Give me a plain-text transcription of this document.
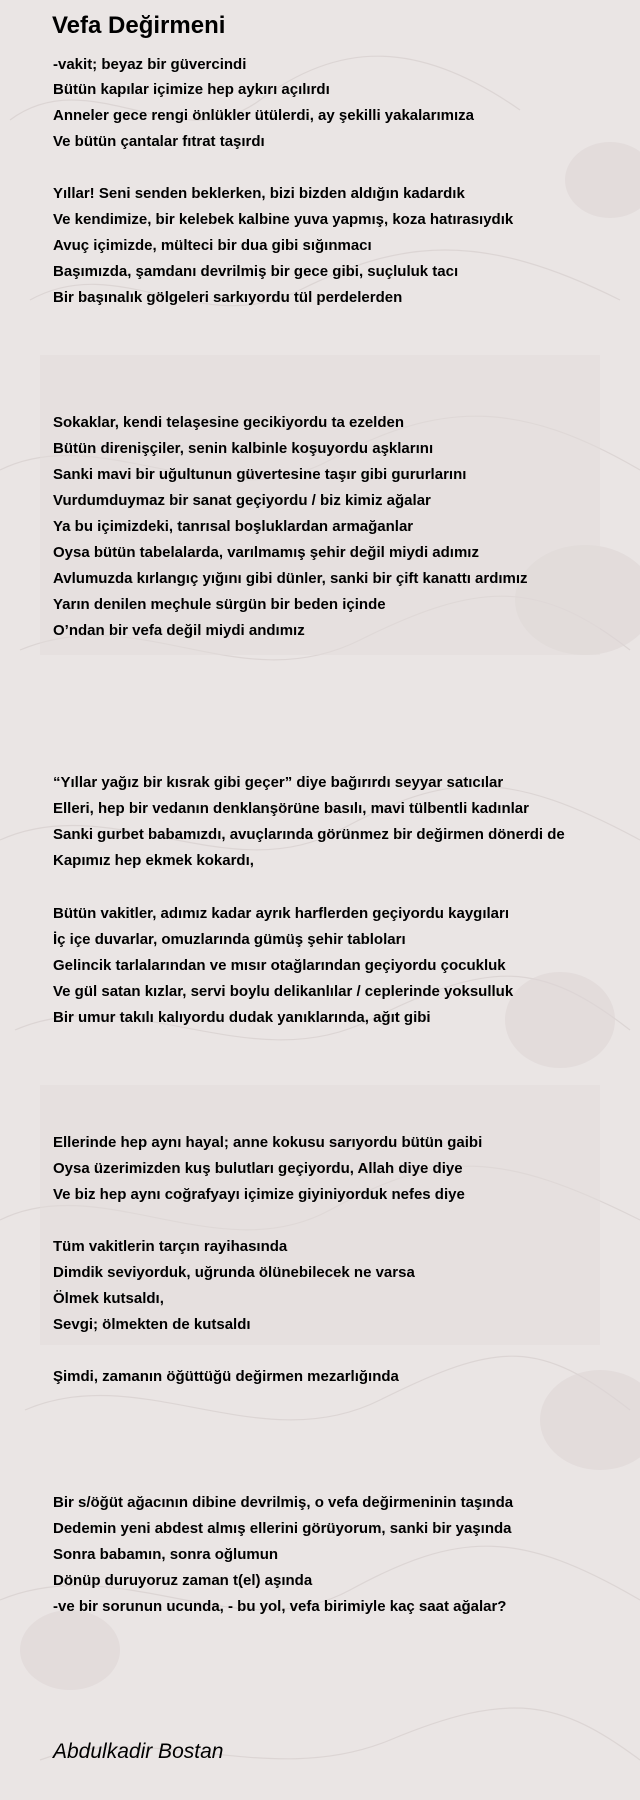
Vefa Değirmeni

-vakit; beyaz bir güvercindi

Bütün kapılar içimize hep aykırı açılırdı

Anneler gece rengi önlükler ütülerdi, ay şekilli yakalarımıza

Ve bütün çantalar fıtrat taşırdı

Yıllar! Seni senden beklerken, bizi bizden aldığın kadardık

Ve kendimize, bir kelebek kalbine yuva yapmış, koza hatırasıydık

Avuç içimizde, mülteci bir dua gibi sığınmacı

Başımızda, şamdanı devrilmiş bir gece gibi, suçluluk tacı

Bir başınalık gölgeleri sarkıyordu tül perdelerden

Sokaklar, kendi telaşesine gecikiyordu ta ezelden

Bütün direnişçiler, senin kalbinle koşuyordu aşklarını

Sanki mavi bir uğultunun güvertesine taşır gibi gururlarını

Vurdumduymaz bir sanat geçiyordu / biz kimiz ağalar

Ya bu içimizdeki, tanrısal boşluklardan armağanlar

Oysa bütün tabelalarda, varılmamış şehir değil miydi adımız

Avlumuzda kırlangıç yığını gibi dünler, sanki bir çift kanattı ardımız

Yarın denilen meçhule sürgün bir beden içinde

O’ndan bir vefa değil miydi andımız

“Yıllar yağız bir kısrak gibi geçer” diye bağırırdı seyyar satıcılar

Elleri, hep bir vedanın denklanşörüne basılı, mavi tülbentli kadınlar

Sanki gurbet babamızdı, avuçlarında görünmez bir değirmen dönerdi de

Kapımız hep ekmek kokardı,

Bütün vakitler, adımız kadar ayrık harflerden geçiyordu kaygıları

İç içe duvarlar, omuzlarında gümüş şehir tabloları

Gelincik tarlalarından ve mısır otağlarından geçiyordu çocukluk

Ve gül satan kızlar, servi boylu delikanlılar / ceplerinde yoksulluk

Bir umur takılı kalıyordu dudak yanıklarında, ağıt gibi

Ellerinde hep aynı hayal; anne kokusu sarıyordu bütün gaibi

Oysa üzerimizden kuş bulutları geçiyordu, Allah diye diye

Ve biz hep aynı coğrafyayı içimize giyiniyorduk nefes diye

Tüm vakitlerin tarçın rayihasında

Dimdik seviyorduk, uğrunda ölünebilecek ne varsa

Ölmek kutsaldı,

Sevgi; ölmekten de kutsaldı

Şimdi, zamanın öğüttüğü değirmen mezarlığında

Bir s/öğüt ağacının dibine devrilmiş, o vefa değirmeninin taşında

Dedemin yeni abdest almış ellerini görüyorum, sanki bir yaşında

Sonra babamın, sonra oğlumun

Dönüp duruyoruz zaman t(el) aşında

-ve bir sorunun ucunda, - bu yol, vefa birimiyle kaç saat ağalar?

Abdulkadir Bostan
